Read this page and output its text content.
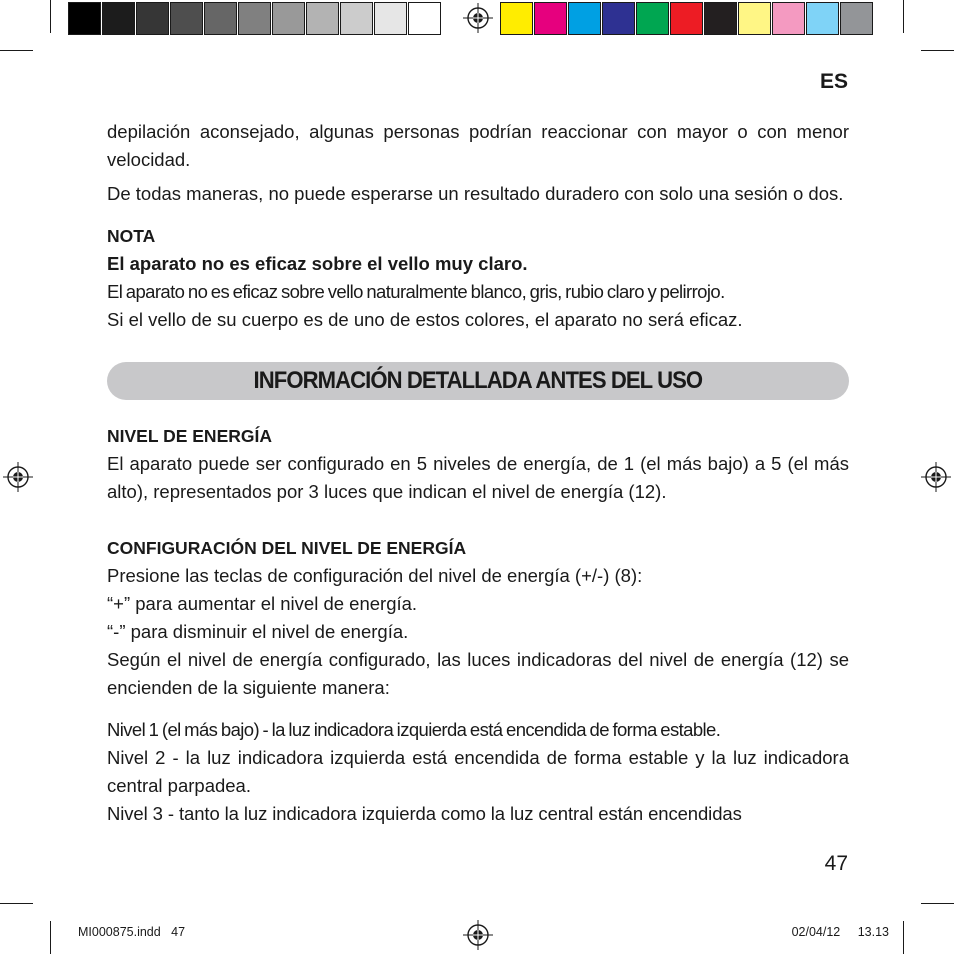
ES

depilación aconsejado, algunas personas podrían reaccionar con mayor o con menor velocidad.

De todas maneras, no puede esperarse un resultado duradero con solo una sesión o dos.

NOTA

El aparato no es eficaz sobre el vello muy claro.

El aparato no es eficaz sobre vello naturalmente blanco, gris, rubio claro y pelirrojo.

Si el vello de su cuerpo es de uno de estos colores, el aparato no será eficaz.

INFORMACIÓN DETALLADA ANTES DEL USO

NIVEL DE ENERGÍA

El aparato puede ser configurado en 5 niveles de energía, de 1 (el más bajo) a 5 (el más alto), representados por 3 luces que indican el nivel de energía (12).

CONFIGURACIÓN DEL NIVEL DE ENERGÍA

Presione las teclas de configuración del nivel de energía (+/-) (8):

“+” para aumentar el nivel de energía.

“-” para disminuir el nivel de energía.

Según el nivel de energía configurado, las luces indicadoras del nivel de energía (12) se encienden de la siguiente manera:

Nivel 1 (el más bajo) - la luz indicadora izquierda está encendida de forma estable.

Nivel 2 - la luz indicadora izquierda está encendida de forma estable y la luz indicadora central parpadea.

Nivel 3 - tanto la luz indicadora izquierda como la luz central están encendidas

47
MI000875.indd   47	02/04/12 13.13
